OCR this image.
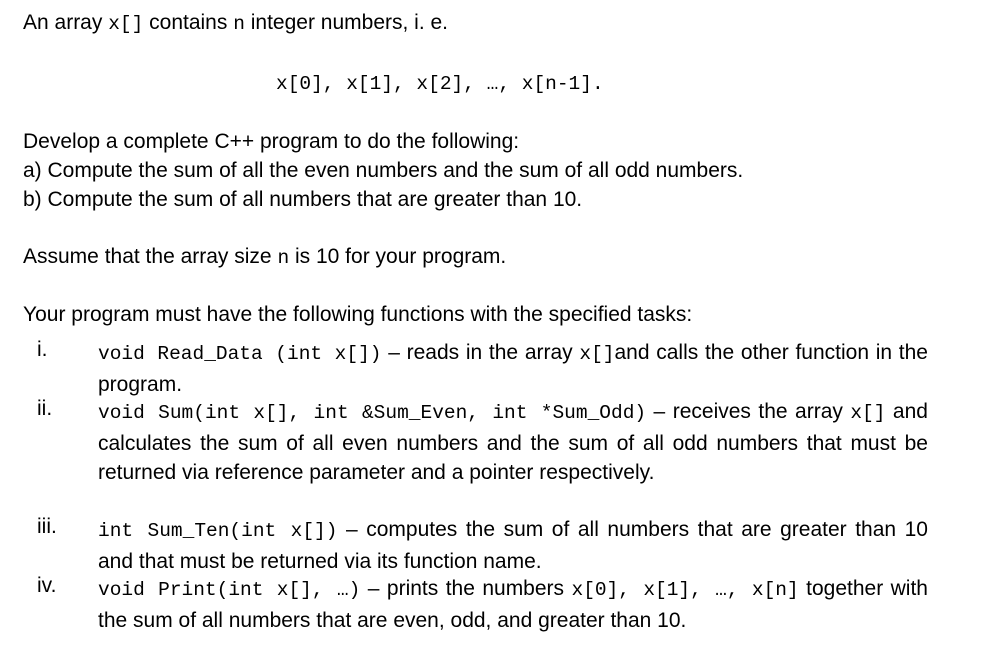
An array x[] contains n integer numbers, i. e.
x[0], x[1], x[2], …, x[n-1].
Develop a complete C++ program to do the following:
a) Compute the sum of all the even numbers and the sum of all odd numbers.
b) Compute the sum of all numbers that are greater than 10.
Assume that the array size n is 10 for your program.
Your program must have the following functions with the specified tasks:
i.	void Read_Data (int x[]) – reads in the array x[]and calls the other function in the program.
ii.	void Sum(int x[], int &Sum_Even, int *Sum_Odd) – receives the array x[] and calculates the sum of all even numbers and the sum of all odd numbers that must be returned via reference parameter and a pointer respectively.
iii.	int Sum_Ten(int x[]) – computes the sum of all numbers that are greater than 10 and that must be returned via its function name.
iv.	void Print(int x[], …) – prints the numbers x[0], x[1], …, x[n] together with the sum of all numbers that are even, odd, and greater than 10.
